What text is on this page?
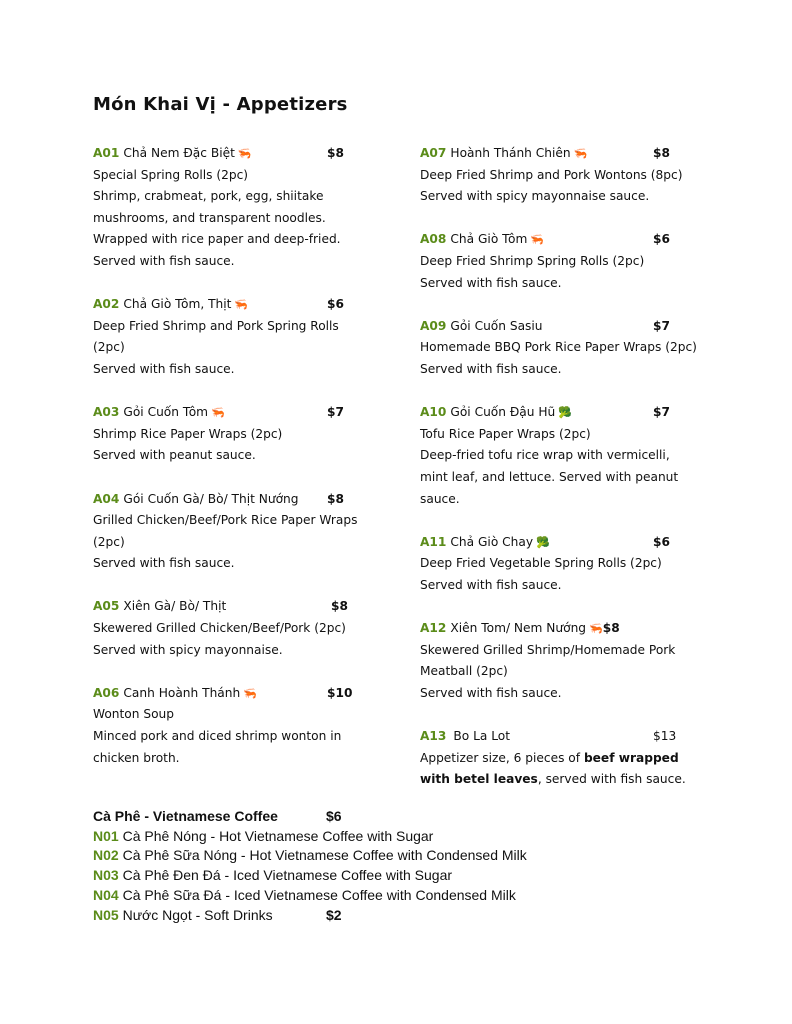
Món Khai Vị - Appetizers
A01 Chả Nem Đặc Biệt 🦐	$8
Special Spring Rolls (2pc)
Shrimp, crabmeat, pork, egg, shiitake
mushrooms, and transparent noodles.
Wrapped with rice paper and deep-fried.
Served with fish sauce.
A02 Chả Giò Tôm, Thịt 🦐	$6
Deep Fried Shrimp and Pork Spring Rolls
(2pc)
Served with fish sauce.
A03 Gỏi Cuốn Tôm 🦐	$7
Shrimp Rice Paper Wraps (2pc)
Served with peanut sauce.
A04 Gói Cuốn Gà/ Bò/ Thịt Nướng $8
Grilled Chicken/Beef/Pork Rice Paper Wraps
(2pc)
Served with fish sauce.
A05 Xiên Gà/ Bò/ Thịt	$8
Skewered Grilled Chicken/Beef/Pork (2pc)
Served with spicy mayonnaise.
A06 Canh Hoành Thánh 🦐	$10
Wonton Soup
Minced pork and diced shrimp wonton in
chicken broth.
A07 Hoành Thánh Chiên 🦐	$8
Deep Fried Shrimp and Pork Wontons (8pc)
Served with spicy mayonnaise sauce.
A08 Chả Giò Tôm 🦐	$6
Deep Fried Shrimp Spring Rolls (2pc)
Served with fish sauce.
A09 Gỏi Cuốn Sasiu	$7
Homemade BBQ Pork Rice Paper Wraps (2pc)
Served with fish sauce.
A10 Gỏi Cuốn Đậu Hũ 🥦	$7
Tofu Rice Paper Wraps (2pc)
Deep-fried tofu rice wrap with vermicelli,
mint leaf, and lettuce. Served with peanut
sauce.
A11 Chả Giò Chay 🥦	$6
Deep Fried Vegetable Spring Rolls (2pc)
Served with fish sauce.
A12 Xiên Tom/ Nem Nướng 🦐$8
Skewered Grilled Shrimp/Homemade Pork
Meatball (2pc)
Served with fish sauce.
A13 Bo La Lot	$13
Appetizer size, 6 pieces of beef wrapped
with betel leaves, served with fish sauce.
Cà Phê - Vietnamese Coffee	$6
N01 Cà Phê Nóng - Hot Vietnamese Coffee with Sugar
N02 Cà Phê Sữa Nóng - Hot Vietnamese Coffee with Condensed Milk
N03 Cà Phê Đen Đá - Iced Vietnamese Coffee with Sugar
N04 Cà Phê Sữa Đá - Iced Vietnamese Coffee with Condensed Milk
N05 Nước Ngọt - Soft Drinks	$2
